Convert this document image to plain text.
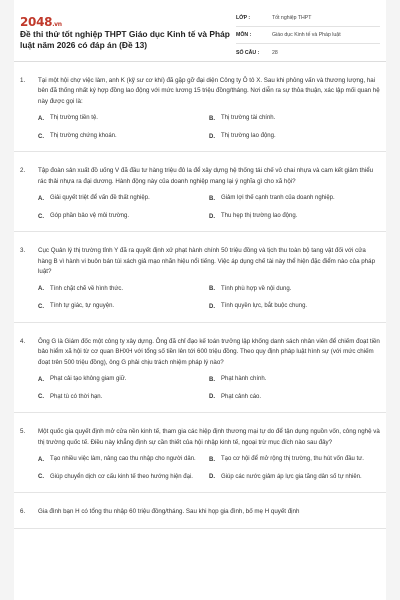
2048.vn
Đề thi thử tốt nghiệp THPT Giáo dục Kinh tế và Pháp luật năm 2026 có đáp án (Đề 13)
LỚP :	Tốt nghiệp THPT
MÔN :	Giáo dục Kinh tế và Pháp luật
SỐ CÂU :	28
1.	Tại một hội chợ việc làm, anh K (kỹ sư cơ khí) đã gặp gỡ đại diện Công ty Ô tô X. Sau khi phỏng vấn và thương lượng, hai bên đã thống nhất ký hợp đồng lao động với mức lương 15 triệu đồng/tháng. Nơi diễn ra sự thỏa thuận, xác lập mối quan hệ này được gọi là:
A.	Thị trường tiền tệ.	B.	Thị trường tài chính.
C.	Thị trường chứng khoán.	D.	Thị trường lao động.
2.	Tập đoàn sản xuất đồ uống V đã đầu tư hàng triệu đô la để xây dựng hệ thống tái chế vỏ chai nhựa và cam kết giảm thiểu rác thải nhựa ra đại dương. Hành động này của doanh nghiệp mang lại ý nghĩa gì cho xã hội?
A.	Giải quyết triệt để vấn đề thất nghiệp.	B.	Giảm lợi thế cạnh tranh của doanh nghiệp.
C.	Góp phần bảo vệ môi trường.	D.	Thu hẹp thị trường lao động.
3.	Cục Quản lý thị trường tỉnh Y đã ra quyết định xử phạt hành chính 50 triệu đồng và tịch thu toàn bộ tang vật đối với cửa hàng B vì hành vi buôn bán túi xách giả mạo nhãn hiệu nổi tiếng. Việc áp dụng chế tài này thể hiện đặc điểm nào của pháp luật?
A.	Tính chặt chẽ về hình thức.	B.	Tính phù hợp về nội dung.
C.	Tính tự giác, tự nguyện.	D.	Tính quyền lực, bắt buộc chung.
4.	Ông G là Giám đốc một công ty xây dựng. Ông đã chỉ đạo kế toán trưởng lập khống danh sách nhân viên để chiếm đoạt tiền bảo hiểm xã hội từ cơ quan BHXH với tổng số tiền lên tới 600 triệu đồng. Theo quy định pháp luật hình sự (với mức chiếm đoạt trên 500 triệu đồng), ông G phải chịu trách nhiệm pháp lý nào?
A.	Phạt cải tạo không giam giữ.	B.	Phạt hành chính.
C.	Phạt tù có thời hạn.	D.	Phạt cảnh cáo.
5.	Một quốc gia quyết định mở cửa nền kinh tế, tham gia các hiệp định thương mại tự do để tận dụng nguồn vốn, công nghệ và thị trường quốc tế. Điều này khẳng định sự cần thiết của hội nhập kinh tế, ngoại trừ mục đích nào sau đây?
A.	Tạo nhiều việc làm, nâng cao thu nhập cho người dân.	B.	Tạo cơ hội để mở rộng thị trường, thu hút vốn đầu tư.
C.	Giúp chuyển dịch cơ cấu kinh tế theo hướng hiện đại.	D.	Giúp các nước giảm áp lực gia tăng dân số tự nhiên.
6.	Gia đình bạn H có tổng thu nhập 60 triệu đồng/tháng. Sau khi họp gia đình, bố mẹ H quyết định
